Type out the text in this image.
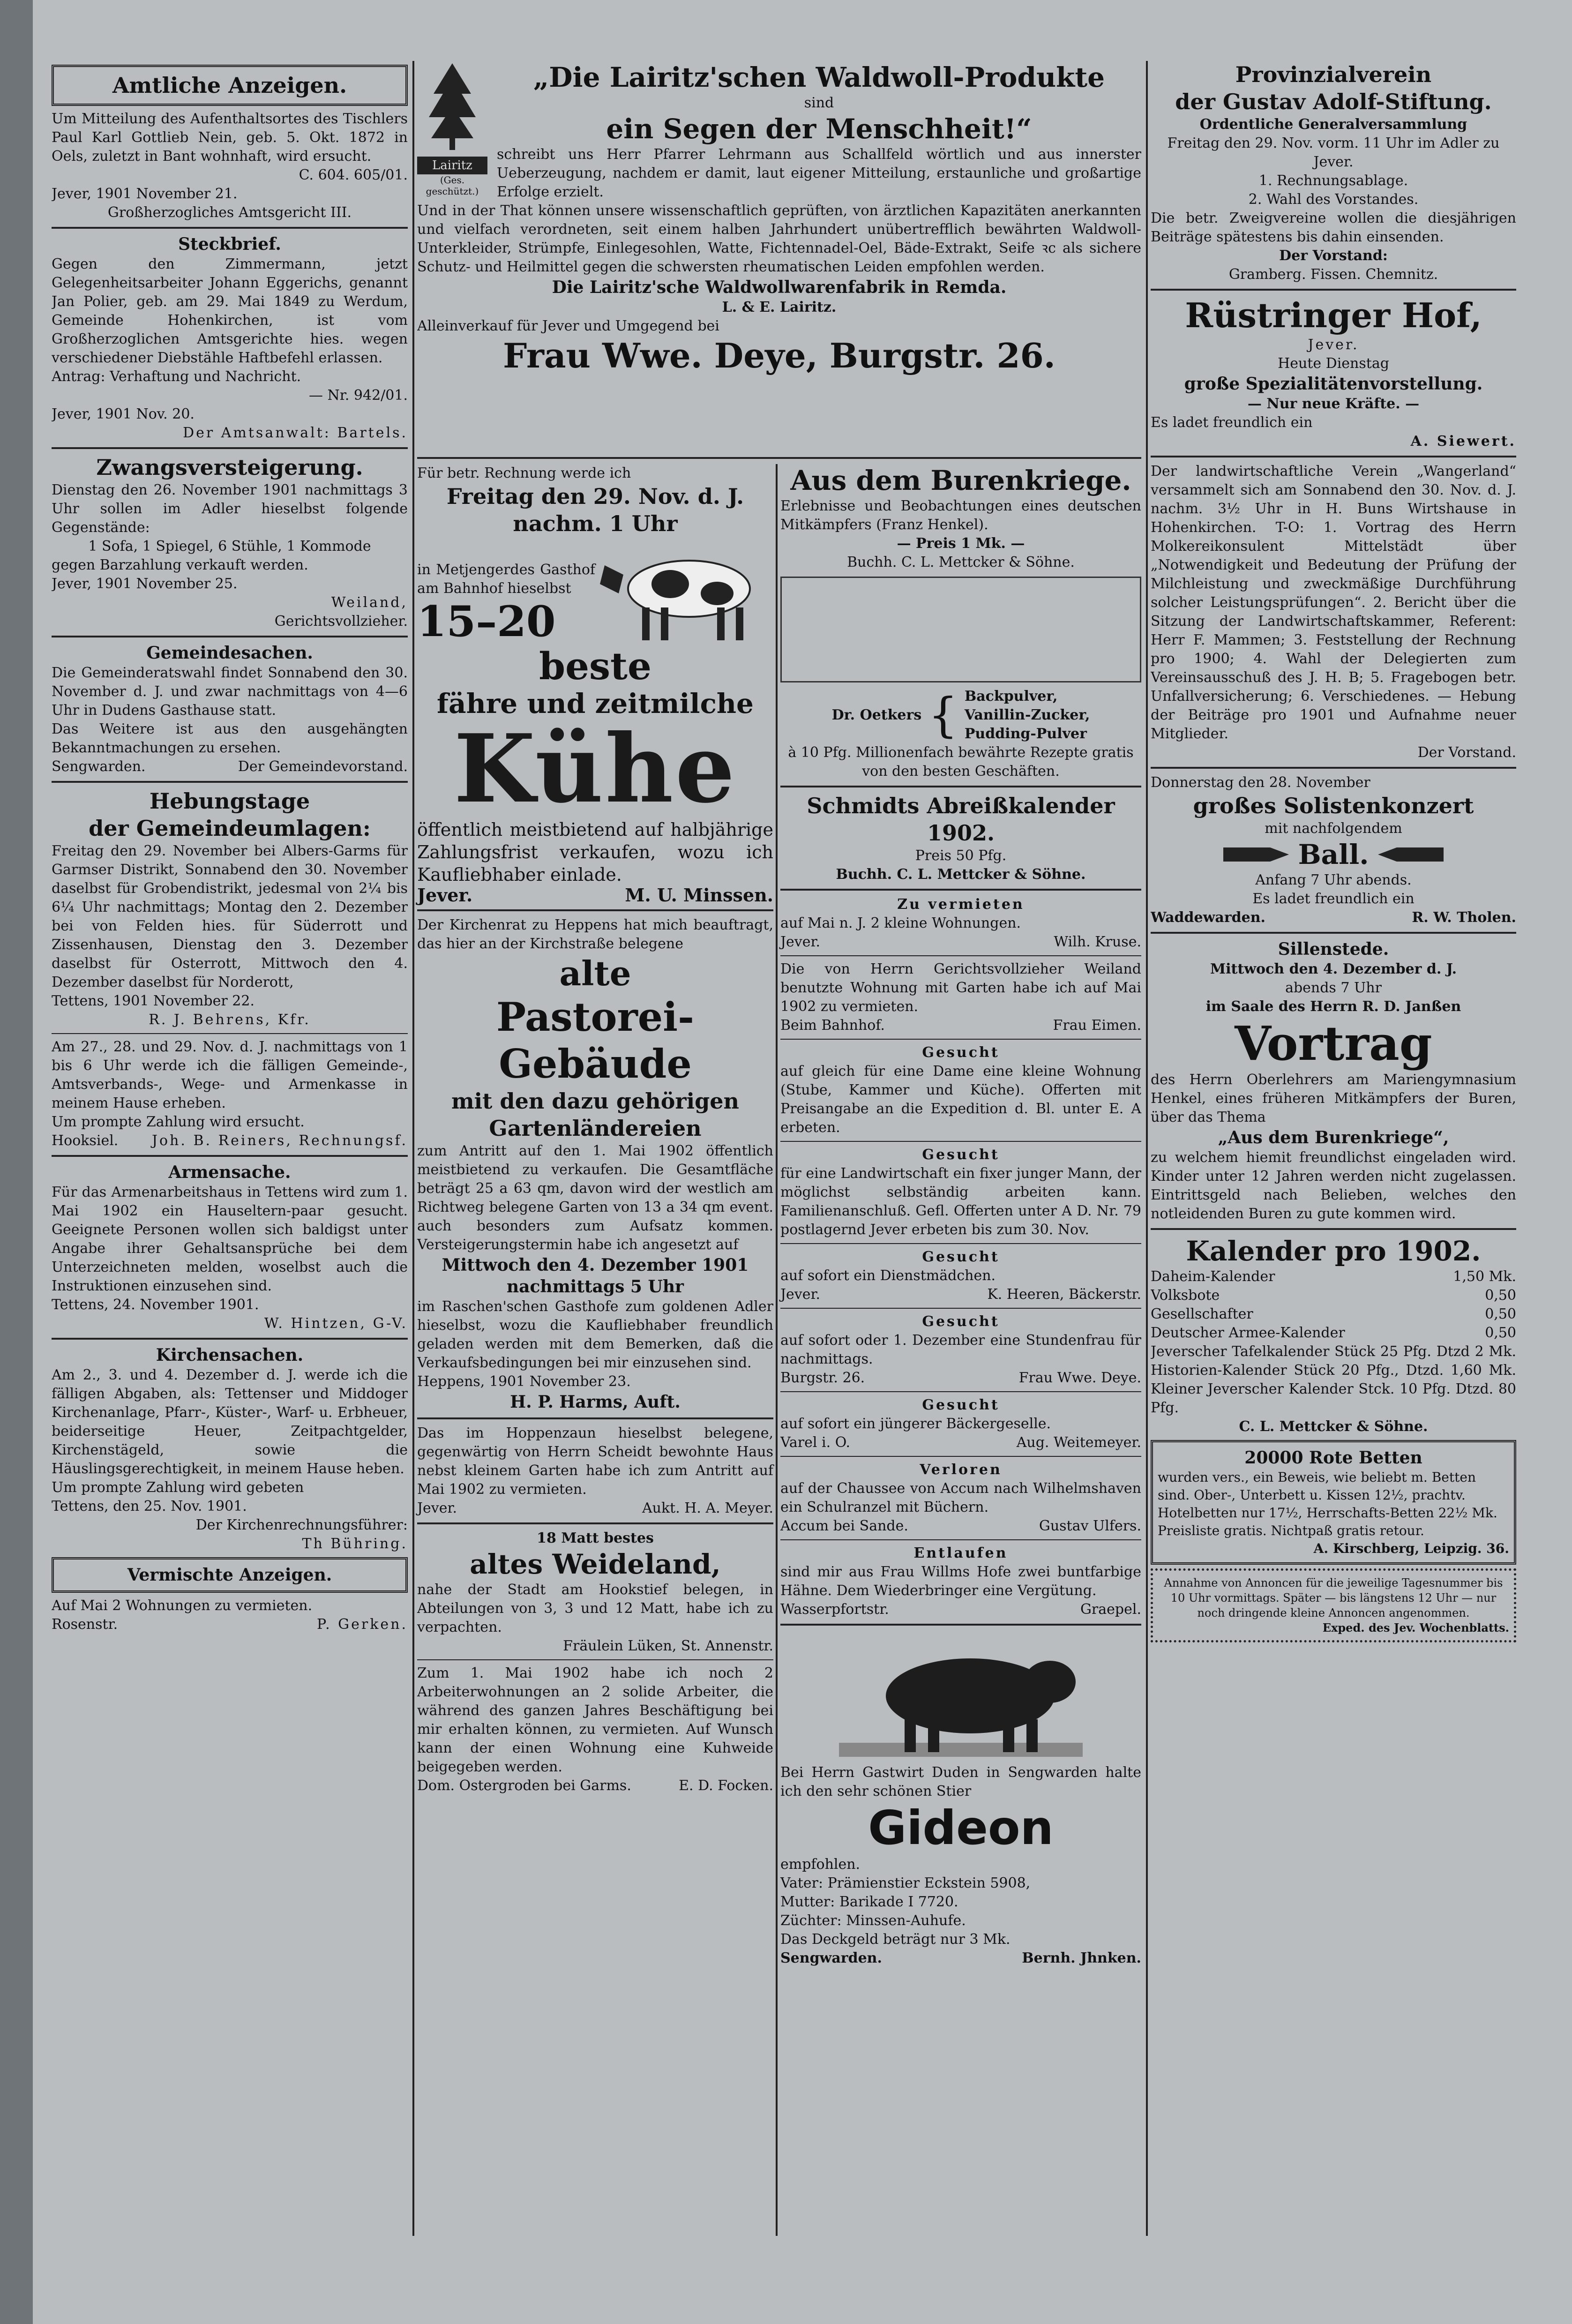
Amtliche Anzeigen.

Um Mitteilung des Aufenthaltsortes des Tischlers Paul Karl Gottlieb Nein, geb. 5. Okt. 1872 in Oels, zuletzt in Bant wohnhaft, wird ersucht.

C. 604. 605/01.

Jever, 1901 November 21.

Großherzogliches Amtsgericht III.

Steckbrief.

Gegen den Zimmermann, jetzt Gelegenheitsarbeiter Johann Eggerichs, genannt Jan Polier, geb. am 29. Mai 1849 zu Werdum, Gemeinde Hohenkirchen, ist vom Großherzoglichen Amtsgerichte hies. wegen verschiedener Diebstähle Haftbefehl erlassen.

Antrag: Verhaftung und Nachricht.

— Nr. 942/01.

Jever, 1901 Nov. 20.

Der Amtsanwalt: Bartels.

Zwangsversteigerung.

Dienstag den 26. November 1901 nachmittags 3 Uhr sollen im Adler hieselbst folgende Gegenstände:

1 Sofa, 1 Spiegel, 6 Stühle, 1 Kommode

gegen Barzahlung verkauft werden.

Jever, 1901 November 25.

Weiland,

Gerichtsvollzieher.

Gemeindesachen.

Die Gemeinderatswahl findet Sonnabend den 30. November d. J. und zwar nachmittags von 4—6 Uhr in Dudens Gasthause statt.

Das Weitere ist aus den ausgehängten Bekanntmachungen zu ersehen.

Sengwarden.	Der Gemeindevorstand.

Hebungstage

der Gemeindeumlagen:

Freitag den 29. November bei Albers-Garms für Garmser Distrikt, Sonnabend den 30. November daselbst für Grobendistrikt, jedesmal von 2¼ bis 6¼ Uhr nachmittags; Montag den 2. Dezember bei von Felden hies. für Süderrott und Zissenhausen, Dienstag den 3. Dezember daselbst für Osterrott, Mittwoch den 4. Dezember daselbst für Norderott,

Tettens, 1901 November 22.

R. J. Behrens, Kfr.

Am 27., 28. und 29. Nov. d. J. nachmittags von 1 bis 6 Uhr werde ich die fälligen Gemeinde-, Amtsverbands-, Wege- und Armenkasse in meinem Hause erheben.

Um prompte Zahlung wird ersucht.

Hooksiel. Joh. B. Reiners, Rechnungsf.

Armensache.

Für das Armenarbeitshaus in Tettens wird zum 1. Mai 1902 ein Hauseltern-paar gesucht. Geeignete Personen wollen sich baldigst unter Angabe ihrer Gehaltsansprüche bei dem Unterzeichneten melden, woselbst auch die Instruktionen einzusehen sind.

Tettens, 24. November 1901.

W. Hintzen, G-V.

Kirchensachen.

Am 2., 3. und 4. Dezember d. J. werde ich die fälligen Abgaben, als: Tettenser und Middoger Kirchenanlage, Pfarr-, Küster-, Warf- u. Erbheuer, beiderseitige Heuer, Zeitpachtgelder, Kirchenstägeld, sowie die Häuslingsgerechtigkeit, in meinem Hause heben.

Um prompte Zahlung wird gebeten

Tettens, den 25. Nov. 1901.

Der Kirchenrechnungsführer:

Th Bühring.

Vermischte Anzeigen.

Auf Mai 2 Wohnungen zu vermieten.

Rosenstr.	P. Gerken.
Lairitz
(Ges. geschützt.)

„Die Lairitz'schen Waldwoll-Produkte

sind

ein Segen der Menschheit!“

schreibt uns Herr Pfarrer Lehrmann aus Schallfeld wörtlich und aus innerster Ueberzeugung, nachdem er damit, laut eigener Mitteilung, erstaunliche und großartige Erfolge erzielt.

Und in der That können unsere wissenschaftlich geprüften, von ärztlichen Kapazitäten anerkannten und vielfach verordneten, seit einem halben Jahrhundert unübertrefflich bewährten Waldwoll-Unterkleider, Strümpfe, Einlegesohlen, Watte, Fichtennadel-Oel, Bäde-Extrakt, Seife ꝛc als sichere Schutz- und Heilmittel gegen die schwersten rheumatischen Leiden empfohlen werden.

Die Lairitz'sche Waldwollwarenfabrik in Remda.

L. & E. Lairitz.

Alleinverkauf für Jever und Umgegend bei

Frau Wwe. Deye, Burgstr. 26.

Für betr. Rechnung werde ich

Freitag den 29. Nov. d. J.

nachm. 1 Uhr

in Metjengerdes Gasthof am Bahnhof hieselbst

15–20

beste

fähre und zeitmilche

Kühe

öffentlich meistbietend auf halbjährige Zahlungsfrist verkaufen, wozu ich Kaufliebhaber einlade.

Jever.	M. U. Minssen.

Der Kirchenrat zu Heppens hat mich beauftragt, das hier an der Kirchstraße belegene

alte

Pastorei-Gebäude

mit den dazu gehörigen

Gartenländereien

zum Antritt auf den 1. Mai 1902 öffentlich meistbietend zu verkaufen. Die Gesamtfläche beträgt 25 a 63 qm, davon wird der westlich am Richtweg belegene Garten von 13 a 34 qm event. auch besonders zum Aufsatz kommen. Versteigerungstermin habe ich angesetzt auf

Mittwoch den 4. Dezember 1901

nachmittags 5 Uhr

im Raschen'schen Gasthofe zum goldenen Adler hieselbst, wozu die Kaufliebhaber freundlich geladen werden mit dem Bemerken, daß die Verkaufsbedingungen bei mir einzusehen sind.

Heppens, 1901 November 23.

H. P. Harms, Auft.

Das im Hoppenzaun hieselbst belegene, gegenwärtig von Herrn Scheidt bewohnte Haus nebst kleinem Garten habe ich zum Antritt auf Mai 1902 zu vermieten.

Jever.	Aukt. H. A. Meyer.

18 Matt bestes

altes Weideland,

nahe der Stadt am Hookstief belegen, in Abteilungen von 3, 3 und 12 Matt, habe ich zu verpachten.

Fräulein Lüken, St. Annenstr.

Zum 1. Mai 1902 habe ich noch 2 Arbeiterwohnungen an 2 solide Arbeiter, die während des ganzen Jahres Beschäftigung bei mir erhalten können, zu vermieten. Auf Wunsch kann der einen Wohnung eine Kuhweide beigegeben werden.

Dom. Ostergroden bei Garms.	E. D. Focken.

Aus dem Burenkriege.

Erlebnisse und Beobachtungen eines deutschen Mitkämpfers (Franz Henkel).

— Preis 1 Mk. —

Buchh. C. L. Mettcker & Söhne.

Dr. Oetkers { Backpulver,

Vanillin-Zucker,

Pudding-Pulver

à 10 Pfg. Millionenfach bewährte Rezepte gratis von den besten Geschäften.

Schmidts Abreißkalender 1902.

Preis 50 Pfg.

Buchh. C. L. Mettcker & Söhne.

Zu vermieten

auf Mai n. J. 2 kleine Wohnungen.

Jever.	Wilh. Kruse.

Die von Herrn Gerichtsvollzieher Weiland benutzte Wohnung mit Garten habe ich auf Mai 1902 zu vermieten.

Beim Bahnhof.	Frau Eimen.

Gesucht

auf gleich für eine Dame eine kleine Wohnung (Stube, Kammer und Küche). Offerten mit Preisangabe an die Expedition d. Bl. unter E. A erbeten.

Gesucht

für eine Landwirtschaft ein fixer junger Mann, der möglichst selbständig arbeiten kann. Familienanschluß. Gefl. Offerten unter A D. Nr. 79 postlagernd Jever erbeten bis zum 30. Nov.

Gesucht

auf sofort ein Dienstmädchen.

Jever.	K. Heeren, Bäckerstr.

Gesucht

auf sofort oder 1. Dezember eine Stundenfrau für nachmittags.

Burgstr. 26.	Frau Wwe. Deye.

Gesucht

auf sofort ein jüngerer Bäckergeselle.

Varel i. O.	Aug. Weitemeyer.

Verloren

auf der Chaussee von Accum nach Wilhelmshaven ein Schulranzel mit Büchern.

Accum bei Sande.	Gustav Ulfers.

Entlaufen

sind mir aus Frau Willms Hofe zwei buntfarbige Hähne. Dem Wiederbringer eine Vergütung.

Wasserpfortstr.	Graepel.

Bei Herrn Gastwirt Duden in Sengwarden halte ich den sehr schönen Stier

Gideon

empfohlen.

Vater: Prämienstier Eckstein 5908,

Mutter: Barikade I 7720.

Züchter: Minssen-Auhufe.

Das Deckgeld beträgt nur 3 Mk.

Sengwarden.	Bernh. Jhnken.

Provinzialverein

der Gustav Adolf-Stiftung.

Ordentliche Generalversammlung

Freitag den 29. Nov. vorm. 11 Uhr im Adler zu Jever.

1. Rechnungsablage.

2. Wahl des Vorstandes.

Die betr. Zweigvereine wollen die diesjährigen Beiträge spätestens bis dahin einsenden.

Der Vorstand:

Gramberg. Fissen. Chemnitz.

Rüstringer Hof,

Jever.

Heute Dienstag

große Spezialitätenvorstellung.

— Nur neue Kräfte. —

Es ladet freundlich ein

A. Siewert.

Der landwirtschaftliche Verein „Wangerland“ versammelt sich am Sonnabend den 30. Nov. d. J. nachm. 3½ Uhr in H. Buns Wirtshause in Hohenkirchen. T-O: 1. Vortrag des Herrn Molkereikonsulent Mittelstädt über „Notwendigkeit und Bedeutung der Prüfung der Milchleistung und zweckmäßige Durchführung solcher Leistungsprüfungen“. 2. Bericht über die Sitzung der Landwirtschaftskammer, Referent: Herr F. Mammen; 3. Feststellung der Rechnung pro 1900; 4. Wahl der Delegierten zum Vereinsausschuß des J. H. B; 5. Fragebogen betr. Unfallversicherung; 6. Verschiedenes. — Hebung der Beiträge pro 1901 und Aufnahme neuer Mitglieder.

Der Vorstand.

Donnerstag den 28. November

großes Solistenkonzert

mit nachfolgendem

Ball.

Anfang 7 Uhr abends.

Es ladet freundlich ein

Waddewarden.	R. W. Tholen.

Sillenstede.

Mittwoch den 4. Dezember d. J.

abends 7 Uhr

im Saale des Herrn R. D. Janßen

Vortrag

des Herrn Oberlehrers am Mariengymnasium Henkel, eines früheren Mitkämpfers der Buren, über das Thema

„Aus dem Burenkriege“,

zu welchem hiemit freundlichst eingeladen wird. Kinder unter 12 Jahren werden nicht zugelassen. Eintrittsgeld nach Belieben, welches den notleidenden Buren zu gute kommen wird.

Kalender pro 1902.

Daheim-Kalender	1,50 Mk.
Volksbote	0,50
Gesellschafter	0,50
Deutscher Armee-Kalender	0,50

Jeverscher Tafelkalender Stück 25 Pfg. Dtzd 2 Mk. Historien-Kalender Stück 20 Pfg., Dtzd. 1,60 Mk. Kleiner Jeverscher Kalender Stck. 10 Pfg. Dtzd. 80 Pfg.

C. L. Mettcker & Söhne.

20000 Rote Betten

wurden vers., ein Beweis, wie beliebt m. Betten sind. Ober-, Unterbett u. Kissen 12½, prachtv. Hotelbetten nur 17½, Herrschafts-Betten 22½ Mk. Preisliste gratis. Nichtpaß gratis retour.

A. Kirschberg, Leipzig. 36.

Annahme von Annoncen für die jeweilige Tagesnummer bis 10 Uhr vormittags. Später — bis längstens 12 Uhr — nur noch dringende kleine Annoncen angenommen.

Exped. des Jev. Wochenblatts.
